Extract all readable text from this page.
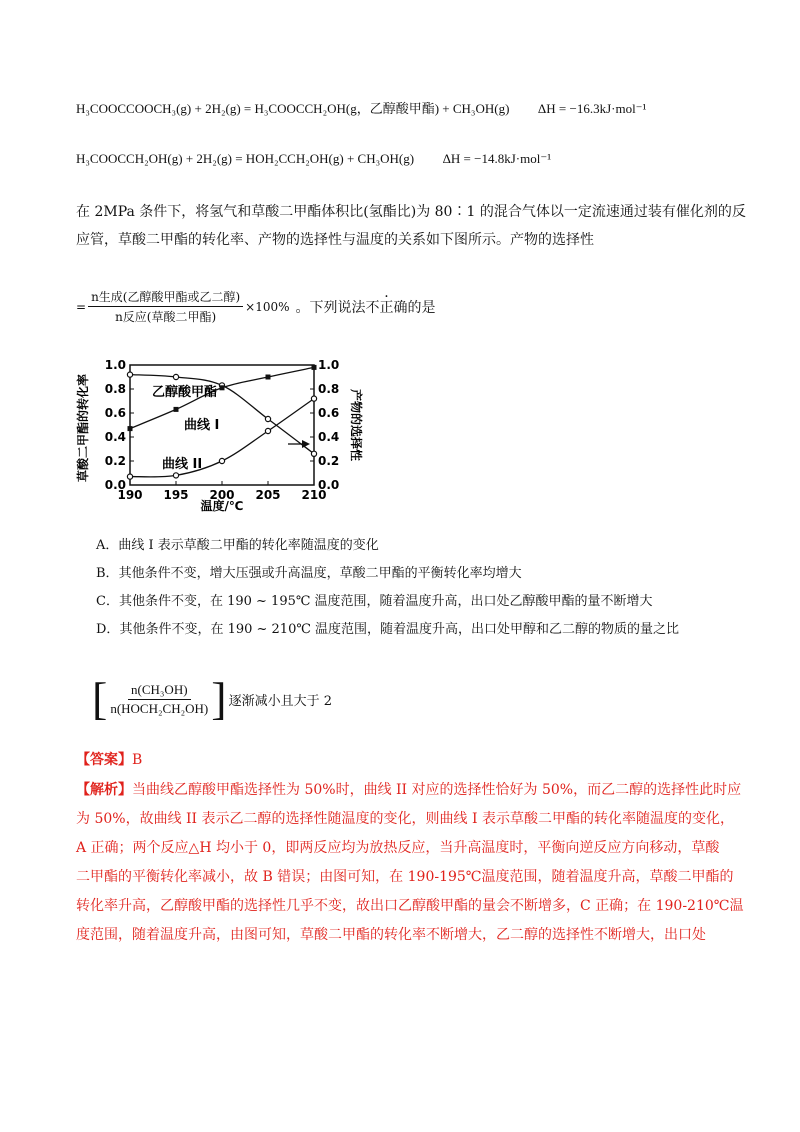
H₃COOCCOOCH₃(g) + 2H₂(g) = H₃COOCCH₂OH(g，乙醇酸甲酯) + CH₃OH(g) ΔH = −16.3kJ·mol⁻¹
H₃COOCCH₂OH(g) + 2H₂(g) = HOH₂CCH₂OH(g) + CH₃OH(g) ΔH = −14.8kJ·mol⁻¹
在 2MPa 条件下，将氢气和草酸二甲酯体积比(氢酯比)为 80∶1 的混合气体以一定流速通过装有催化剂的反
应管，草酸二甲酯的转化率、产物的选择性与温度的关系如下图所示。产物的选择性
= $\frac{\text{n生成(乙醇酸甲酯或乙二醇)}}{\text{n反应(草酸二甲酯)}} \times 100\%$ 。下列说法不正确的是
0.0
0.2
0.4
0.6
0.8
1.0
0.0
0.2
0.4
0.6
0.8
1.0
190 195 200 205 210
乙醇酸甲酯
曲线 I
曲线 II
温度/℃
草酸二甲酯的转化率	产物的选择性
A．曲线 I 表示草酸二甲酯的转化率随温度的变化
B．其他条件不变，增大压强或升高温度，草酸二甲酯的平衡转化率均增大
C．其他条件不变，在 190 ~ 195℃ 温度范围，随着温度升高，出口处乙醇酸甲酯的量不断增大
D．其他条件不变，在 190 ~ 210℃ 温度范围，随着温度升高，出口处甲醇和乙二醇的物质的量之比
[ $\frac{\text{n(CH₃OH)}}{\text{n(HOCH₂CH₂OH)}}$ ] 逐渐减小且大于 2
【答案】B
【解析】当曲线乙醇酸甲酯选择性为 50%时，曲线 II 对应的选择性恰好为 50%，而乙二醇的选择性此时应
为 50%，故曲线 II 表示乙二醇的选择性随温度的变化，则曲线 I 表示草酸二甲酯的转化率随温度的变化，
A 正确；两个反应△H 均小于 0，即两反应均为放热反应，当升高温度时，平衡向逆反应方向移动，草酸
二甲酯的平衡转化率减小，故 B 错误；由图可知，在 190-195℃温度范围，随着温度升高，草酸二甲酯的
转化率升高，乙醇酸甲酯的选择性几乎不变，故出口乙醇酸甲酯的量会不断增多，C 正确；在 190-210℃温
度范围，随着温度升高，由图可知，草酸二甲酯的转化率不断增大，乙二醇的选择性不断增大，出口处
